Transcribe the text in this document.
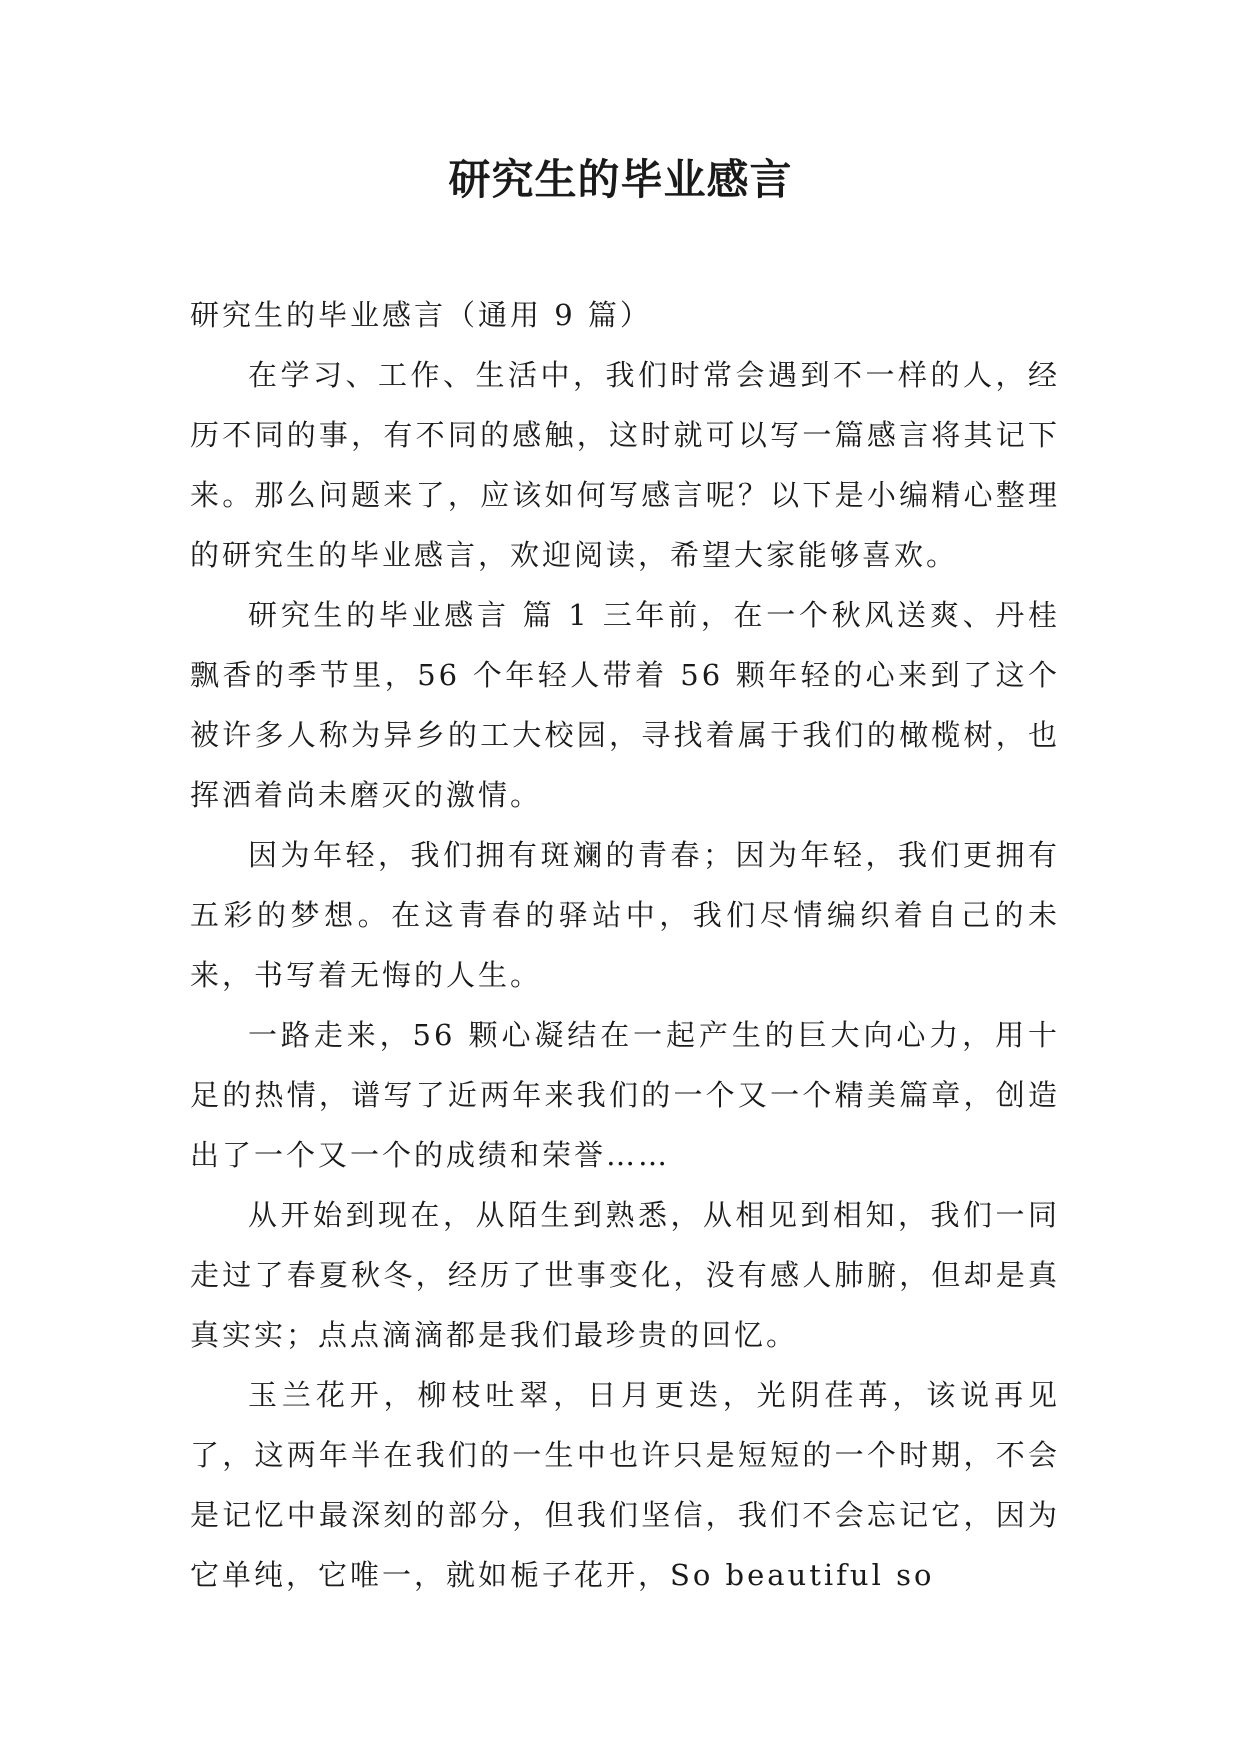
研究生的毕业感言

研究生的毕业感言（通用 9 篇）

在学习、工作、生活中，我们时常会遇到不一样的人，经历不同的事，有不同的感触，这时就可以写一篇感言将其记下来。那么问题来了，应该如何写感言呢？以下是小编精心整理的研究生的毕业感言，欢迎阅读，希望大家能够喜欢。

研究生的毕业感言 篇 1 三年前，在一个秋风送爽、丹桂飘香的季节里，56 个年轻人带着 56 颗年轻的心来到了这个被许多人称为异乡的工大校园，寻找着属于我们的橄榄树，也挥洒着尚未磨灭的激情。

因为年轻，我们拥有斑斓的青春；因为年轻，我们更拥有五彩的梦想。在这青春的驿站中，我们尽情编织着自己的未来，书写着无悔的人生。

一路走来，56 颗心凝结在一起产生的巨大向心力，用十足的热情，谱写了近两年来我们的一个又一个精美篇章，创造出了一个又一个的成绩和荣誉……

从开始到现在，从陌生到熟悉，从相见到相知，我们一同走过了春夏秋冬，经历了世事变化，没有感人肺腑，但却是真真实实；点点滴滴都是我们最珍贵的回忆。

玉兰花开，柳枝吐翠，日月更迭，光阴荏苒，该说再见了，这两年半在我们的一生中也许只是短短的一个时期，不会是记忆中最深刻的部分，但我们坚信，我们不会忘记它，因为它单纯，它唯一，就如栀子花开，So beautiful so
